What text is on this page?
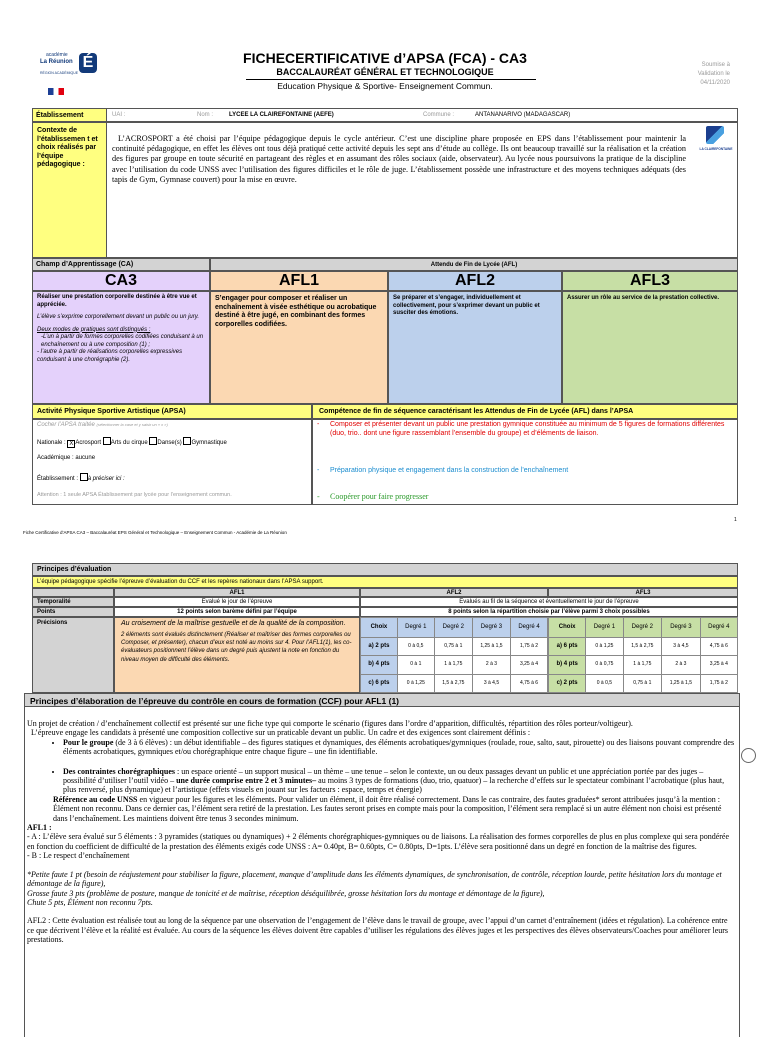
académie
La Réunion
RÉGION ACADÉMIQUE
É	FICHECERTIFICATIVE d’APSA (FCA) - CA3
BACCALAURÉAT GÉNÉRAL ET TECHNOLOGIQUE
Education Physique & Sportive- Enseignement Commun.
Soumise à
Validation le
04/11/2020
Établissement	UAI :	Nom :	LYCEE LA CLAIREFONTAINE (AEFE)	Commune :	ANTANANARIVO (MADAGASCAR)
Contexte de l’établissemen t et choix réalisés par l’équipe pédagogique :
L’ACROSPORT a été choisi par l’équipe pédagogique depuis le cycle antérieur. C’est une discipline phare proposée en EPS dans l’établissement pour maintenir la continuité pédagogique, en effet les élèves ont tous déjà pratiqué cette activité depuis les sept ans d’étude au collège. Ils ont beaucoup travaillé sur la réalisation et la création des figures par groupe en toute sécurité en partageant des règles et en assumant des rôles sociaux (aide, observateur). Au lycée nous poursuivons la pratique de la discipline avec l’utilisation du code UNSS avec l’utilisation des figures difficiles et le rôle de juge. L’établissement possède une infrastructure et des moyens techniques adéquats (des tapis de Gym, Gymnase couvert) pour la mise en œuvre.
LA CLAIREFONTAINE
Champ d’Apprentissage (CA)	Attendu de Fin de Lycée (AFL)
CA3	AFL1	AFL2	AFL3
Réaliser une prestation corporelle destinée à être vue et appréciée.
L’élève s’exprime corporellement devant un public ou un jury.
Deux modes de pratiques sont distingués :
-L’un à partir de formes corporelles codifiées conduisant à un enchaînement ou à une composition (1) ;
- l’autre à partir de réalisations corporelles expressives conduisant à une chorégraphie (2).
S’engager pour composer et réaliser un enchaînement à visée esthétique ou acrobatique destiné à être jugé, en combinant des formes corporelles codifiées.
Se préparer et s’engager, individuellement et collectivement, pour s’exprimer devant un public et susciter des émotions.
Assurer un rôle au service de la prestation collective.
Activité Physique Sportive Artistique (APSA)	Compétence de fin de séquence caractérisant les Attendus de Fin de Lycée (AFL) dans l’APSA
Cocher l’APSA traitée (sélectionner la case et y saisir un « x »)
Nationale : X Acrosport Arts du cirque Danse(s) Gymnastique
Académique : aucune
Établissement : à préciser ici :
Attention : 1 seule APSA Établissement par lycée pour l’enseignement commun.
- Composer et présenter devant un public une prestation gymnique constituée au minimum de 5 figures de formations différentes (duo, trio.. dont une figure rassemblant l’ensemble du groupe) et d’éléments de liaison.
- Préparation physique et engagement dans la construction de l’enchaînement
- Coopérer pour faire progresser
Fiche Certificative d’APSA CA3 – Baccalauréat EPS Général et Technologique – Enseignement Commun - Académie de La Réunion
1
Principes d’évaluation
L’équipe pédagogique spécifie l’épreuve d’évaluation du CCF et les repères nationaux dans l’APSA support.
AFL1	AFL2	AFL3
Temporalité	Evalué le jour de l’épreuve	Evalués au fil de la séquence et éventuellement le jour de l’épreuve
Points	12 points selon barème défini par l’équipe	8 points selon la répartition choisie par l’élève parmi 3 choix possibles
Précisions	Au croisement de la maîtrise gestuelle et de la qualité de la composition.
2 éléments sont évalués distinctement (Réaliser et maîtriser des formes corporelles ou Composer, et présenter), chacun d’eux est noté au moins sur 4. Pour l’AFL1(1), les co-évaluateurs positionnent l’élève dans un degré puis ajustent la note en fonction du niveau moyen de difficulté des éléments.
Choix	Degré 1	Degré 2	Degré 3	Degré 4
a) 2 pts	0 à 0,5	0,75 à 1	1,25 à 1,5	1,75 à 2
b) 4 pts	0 à 1	1 à 1,75	2 à 3	3,25 à 4
c) 6 pts	0 à 1,25	1,5 à 2,75	3 à 4,5	4,75 à 6
Choix	Degré 1	Degré 2	Degré 3	Degré 4
a) 6 pts	0 à 1,25	1,5 à 2,75	3 à 4,5	4,75 à 6
b) 4 pts	0 à 0,75	1 à 1,75	2 à 3	3,25 à 4
c) 2 pts	0 à 0,5	0,75 à 1	1,25 à 1,5	1,75 à 2
Principes d’élaboration de l’épreuve du contrôle en cours de formation (CCF) pour AFL1 (1)

Un projet de création / d’enchaînement collectif est présenté sur une fiche type qui comporte le scénario (figures dans l’ordre d’apparition, difficultés, répartition des rôles porteur/voltigeur).

L’épreuve engage les candidats à présenté une composition collective sur un praticable devant un public. Un cadre et des exigences sont clairement définis :

• Pour le groupe (de 3 à 6 élèves) : un début identifiable – des figures statiques et dynamiques, des éléments acrobatiques/gymniques (roulade, roue, salto, saut, pirouette) ou des liaisons pouvant comprendre des éléments acrobatiques, gymniques et/ou chorégraphique entre chaque figure – une fin identifiable.
• Des contraintes chorégraphiques : un espace orienté – un support musical – un thème – une tenue – selon le contexte, un ou deux passages devant un public et une appréciation portée par des juges – possibilité d’utiliser l’outil vidéo – une durée comprise entre 2 et 3 minutes– au moins 3 types de formations (duo, trio, quatuor) – la recherche d’effets sur le spectateur combinant l’acrobatique (plus haut, plus renversé, plus dynamique) et l’artistique (effets visuels en jouant sur les facteurs : espace, temps et énergie)

Référence au code UNSS en vigueur pour les figures et les éléments. Pour valider un élément, il doit être réalisé correctement. Dans le cas contraire, des fautes graduées* seront attribuées jusqu’à la mention : Élément non reconnu. Dans ce dernier cas, l’élément sera retiré de la prestation. Les fautes seront prises en compte mais pour la composition, l’élément sera remplacé si un autre élément non choisi est présenté dans l’enchaînement. Les maintiens doivent être tenus 3 secondes minimum.

AFL1 :

- A : L’élève sera évalué sur 5 éléments : 3 pyramides (statiques ou dynamiques) + 2 éléments chorégraphiques-gymniques ou de liaisons. La réalisation des formes corporelles de plus en plus complexe qui sera pondérée en fonction du coefficient de difficulté de la prestation des éléments exigés code UNSS : A= 0.40pt, B= 0.60pts, C= 0.80pts, D=1pts. L’élève sera positionné dans un degré en fonction de la maîtrise des figures.

- B : Le respect d’enchaînement

*Petite faute 1 pt (besoin de réajustement pour stabiliser la figure, placement, manque d’amplitude dans les éléments dynamiques, de synchronisation, de contrôle, réception lourde, petite hésitation lors du montage et démontage de la figure),

Grosse faute 3 pts (problème de posture, manque de tonicité et de maîtrise, réception déséquilibrée, grosse hésitation lors du montage et démontage de la figure),

Chute 5 pts, Élément non reconnu 7pts.

AFL2 : Cette évaluation est réalisée tout au long de la séquence par une observation de l’engagement de l’élève dans le travail de groupe, avec l’appui d’un carnet d’entraînement (idées et régulation). La cohérence entre ce que décrivent l’élève et la réalité est évaluée. Au cours de la séquence les élèves doivent être capables d’utiliser les régulations des élèves juges et les perspectives des élèves observateurs/Coaches pour améliorer leurs prestations.
